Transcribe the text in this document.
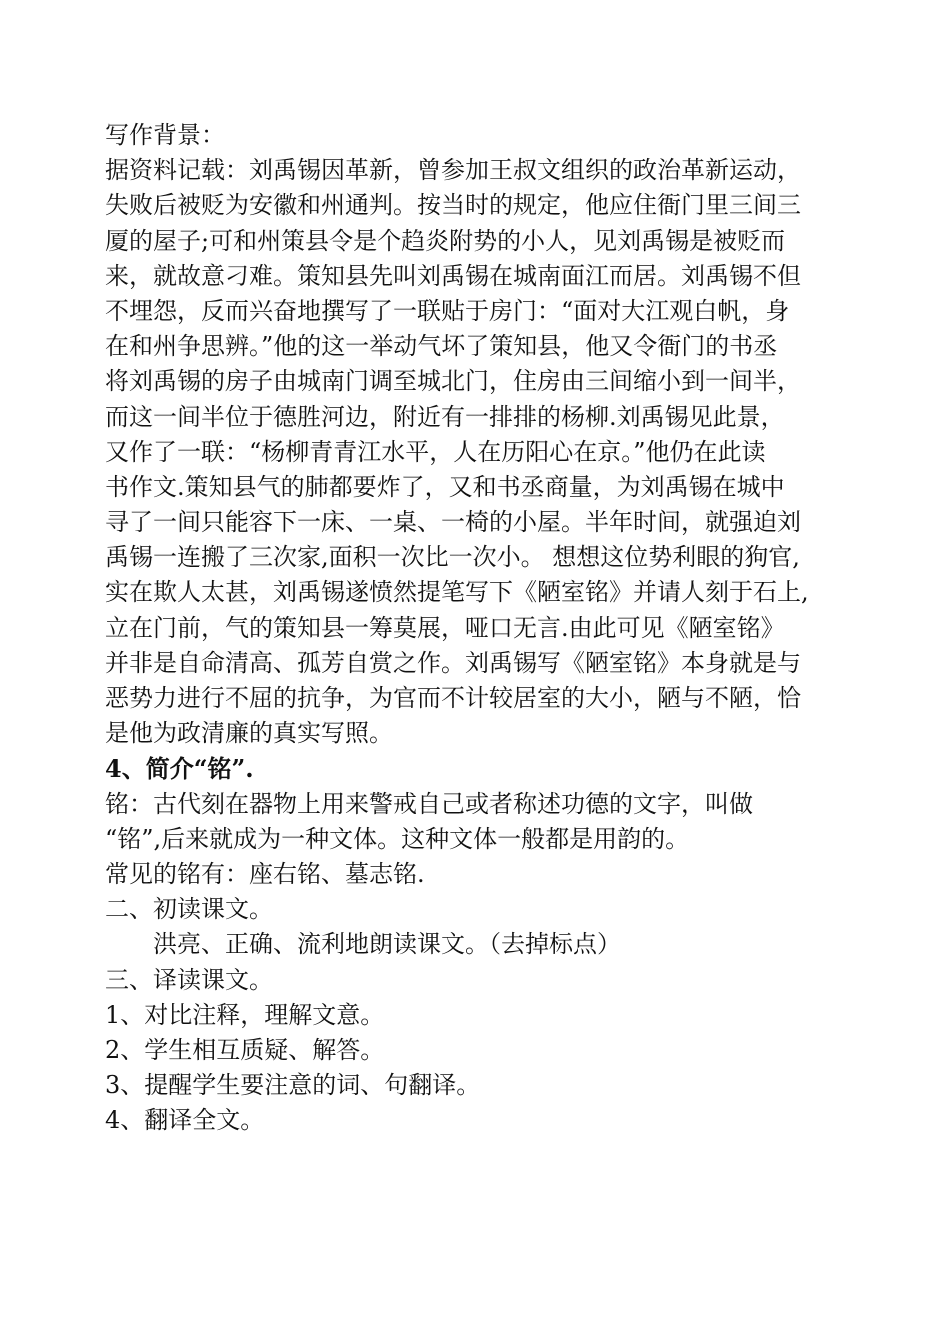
写作背景：
据资料记载：刘禹锡因革新，曾参加王叔文组织的政治革新运动，
失败后被贬为安徽和州通判。按当时的规定，他应住衙门里三间三
厦的屋子;可和州策县令是个趋炎附势的小人，见刘禹锡是被贬而
来，就故意刁难。策知县先叫刘禹锡在城南面江而居。刘禹锡不但
不埋怨，反而兴奋地撰写了一联贴于房门：“面对大江观白帆，身
在和州争思辨。”他的这一举动气坏了策知县，他又令衙门的书丞
将刘禹锡的房子由城南门调至城北门，住房由三间缩小到一间半，
而这一间半位于德胜河边，附近有一排排的杨柳.刘禹锡见此景，
又作了一联：“杨柳青青江水平，人在历阳心在京。”他仍在此读
书作文.策知县气的肺都要炸了，又和书丞商量，为刘禹锡在城中
寻了一间只能容下一床、一桌、一椅的小屋。半年时间，就强迫刘
禹锡一连搬了三次家,面积一次比一次小。 想想这位势利眼的狗官,
实在欺人太甚，刘禹锡遂愤然提笔写下《陋室铭》并请人刻于石上,
立在门前，气的策知县一筹莫展，哑口无言.由此可见《陋室铭》
并非是自命清高、孤芳自赏之作。刘禹锡写《陋室铭》本身就是与
恶势力进行不屈的抗争，为官而不计较居室的大小，陋与不陋，恰
是他为政清廉的真实写照。
4、简介“铭”.
铭：古代刻在器物上用来警戒自己或者称述功德的文字，叫做
“铭”,后来就成为一种文体。这种文体一般都是用韵的。
常见的铭有：座右铭、墓志铭.
二、初读课文。
洪亮、正确、流利地朗读课文。（去掉标点）
三、译读课文。
1、对比注释，理解文意。
2、学生相互质疑、解答。
3、提醒学生要注意的词、句翻译。
4、翻译全文。
